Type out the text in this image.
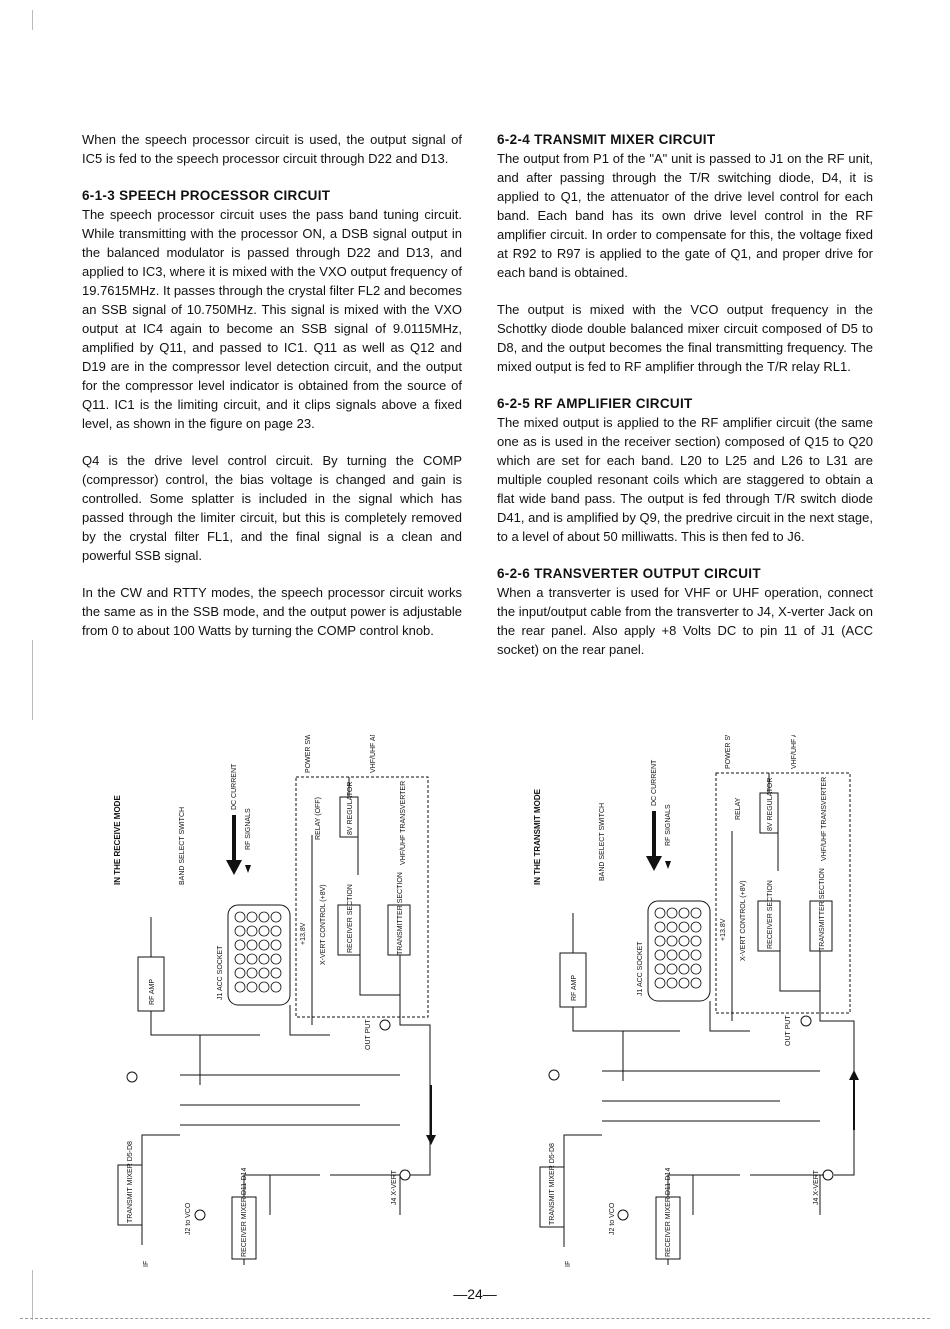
When the speech processor circuit is used, the output signal of IC5 is fed to the speech processor circuit through D22 and D13.

6-1-3 SPEECH PROCESSOR CIRCUIT

The speech processor circuit uses the pass band tuning circuit. While transmitting with the processor ON, a DSB signal output in the balanced modulator is passed through D22 and D13, and applied to IC3, where it is mixed with the VXO output frequency of 19.7615MHz. It passes through the crystal filter FL2 and becomes an SSB signal of 10.750MHz. This signal is mixed with the VXO output at IC4 again to become an SSB signal of 9.0115MHz, amplified by Q11, and passed to IC1. Q11 as well as Q12 and D19 are in the compressor level detection circuit, and the output for the compressor level indicator is obtained from the source of Q11. IC1 is the limiting circuit, and it clips signals above a fixed level, as shown in the figure on page 23.

Q4 is the drive level control circuit. By turning the COMP (compressor) control, the bias voltage is changed and gain is controlled. Some splatter is included in the signal which has passed through the limiter circuit, but this is completely removed by the crystal filter FL1, and the final signal is a clean and powerful SSB signal.

In the CW and RTTY modes, the speech processor circuit works the same as in the SSB mode, and the output power is adjustable from 0 to about 100 Watts by turning the COMP control knob.

6-2-4 TRANSMIT MIXER CIRCUIT

The output from P1 of the "A" unit is passed to J1 on the RF unit, and after passing through the T/R switching diode, D4, it is applied to Q1, the attenuator of the drive level control for each band. Each band has its own drive level control in the RF amplifier circuit. In order to compensate for this, the voltage fixed at R92 to R97 is applied to the gate of Q1, and proper drive for each band is obtained.

The output is mixed with the VCO output frequency in the Schottky diode double balanced mixer circuit composed of D5 to D8, and the output becomes the final transmitting frequency. The mixed output is fed to RF amplifier through the T/R relay RL1.

6-2-5 RF AMPLIFIER CIRCUIT

The mixed output is applied to the RF amplifier circuit (the same one as is used in the receiver section) composed of Q15 to Q20 which are set for each band. L20 to L25 and L26 to L31 are multiple coupled resonant coils which are staggered to obtain a flat wide band pass. The output is fed through T/R switch diode D41, and is amplified by Q9, the predrive circuit in the next stage, to a level of about 50 milliwatts. This is then fed to J6.

6-2-6 TRANSVERTER OUTPUT CIRCUIT

When a transverter is used for VHF or UHF operation, connect the input/output cable from the transverter to J4, X-verter Jack on the rear panel. Also apply +8 Volts DC to pin 11 of J1 (ACC socket) on the rear panel.

IN THE RECEIVE MODE	BAND SELECT SWITCH
DC CURRENT
RF SIGNALS
POWER SWITCH ON	VHF/UHF ANTENNA
RELAY (OFF)	8V REGULATOR	VHF/UHF TRANSVERTER
RF AMP	J1 ACC SOCKET
X-VERT CONTROL (+8V)
+13.8V	RECEIVER SECTION	TRANSMITTER SECTION
OUT PUT
TRANSMIT MIXER D5-D8	RECEIVER MIXER D11-D14	J4 X-VERT
J2 to VCO
IF
IN THE TRANSMIT MODE	BAND SELECT SWITCH
DC CURRENT
RF SIGNALS
POWER SWITCH	VHF/UHF ANTENNA
RELAY	8V REGULATOR	VHF/UHF TRANSVERTER
RF AMP	J1 ACC SOCKET
X-VERT CONTROL (+8V)
+13.8V	RECEIVER SECTION	TRANSMITTER SECTION
OUT PUT
TRANSMIT MIXER D5-D8	RECEIVER MIXER D11-D14	J4 X-VERT
J2 to VCO
IF
—24—
